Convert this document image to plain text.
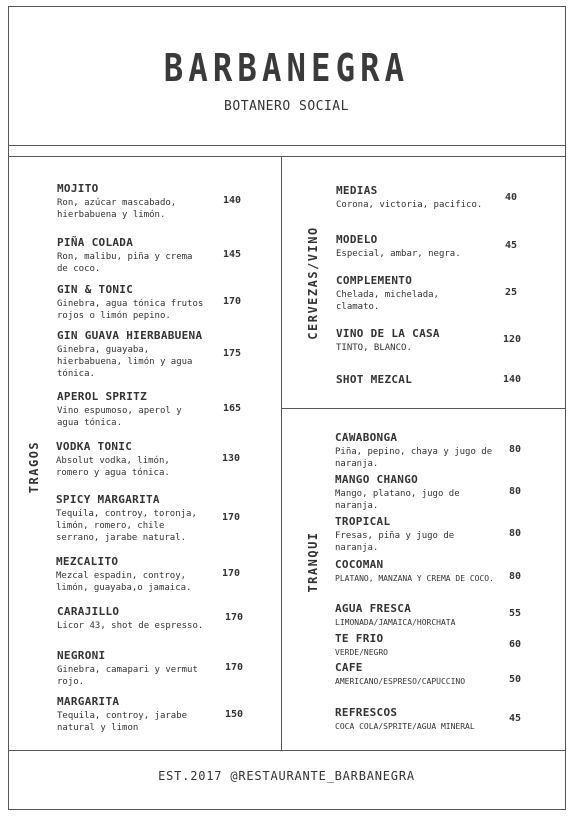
BARBANEGRA
BOTANERO SOCIAL
TRAGOS
CERVEZAS/VINO
TRANQUI
MOJITO
Ron, azúcar mascabado, hierbabuena y limón.
140
PIÑA COLADA
Ron, malibu, piña y crema de coco.
145
GIN & TONIC
Ginebra, agua tónica frutos rojos o limón pepino.
170
GIN GUAVA HIERBABUENA
Ginebra, guayaba, hierbabuena, limón y agua tónica.
175
APEROL SPRITZ
Vino espumoso, aperol y agua tónica.
165
VODKA TONIC
Absolut vodka, limón, romero y agua tónica.
130
SPICY MARGARITA
Tequila, controy, toronja, limón, romero, chile serrano, jarabe natural.
170
MEZCALITO
Mezcal espadin, controy, limón, guayaba,o jamaica.
170
CARAJILLO
Licor 43, shot de espresso.
170
NEGRONI
Ginebra, camapari y vermut rojo.
170
MARGARITA
Tequila, controy, jarabe natural y limon
150
MEDIAS
Corona, victoria, pacifico.
40
MODELO
Especial, ambar, negra.
45
COMPLEMENTO
Chelada, michelada, clamato.
25
VINO DE LA CASA
TINTO, BLANCO.
120
SHOT MEZCAL	140
CAWABONGA
Piña, pepino, chaya y jugo de naranja.
80
MANGO CHANGO
Mango, platano, jugo de naranja.
80
TROPICAL
Fresas, piña y jugo de naranja.
80
COCOMAN
PLATANO, MANZANA Y CREMA DE COCO. 80
AGUA FRESCA
LIMONADA/JAMAICA/HORCHATA
55
TE FRIO
VERDE/NEGRO
60
CAFE
AMERICANO/ESPRESO/CAPUCCINO	50
REFRESCOS
COCA COLA/SPRITE/AGUA MINERAL
45
EST.2017 @RESTAURANTE_BARBANEGRA
